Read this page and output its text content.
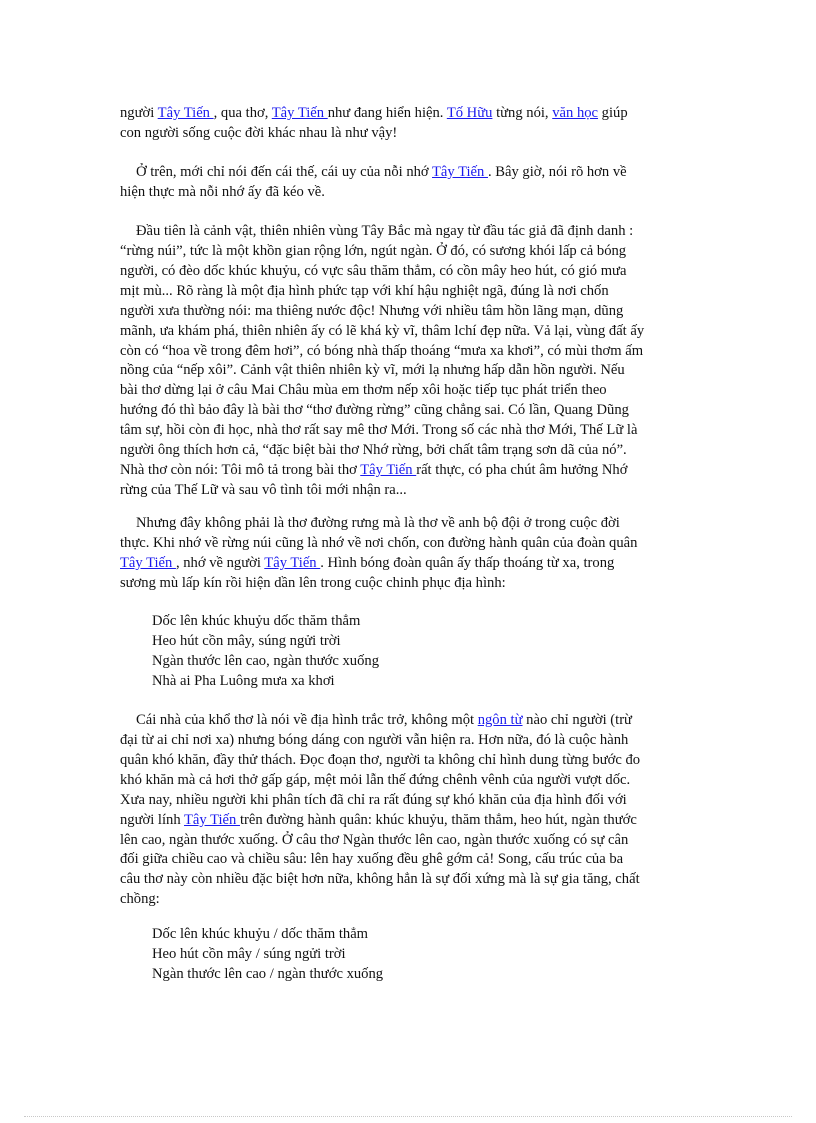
người Tây Tiến , qua thơ, Tây Tiến như đang hiển hiện. Tố Hữu từng nói, văn học giúp
con người sống cuộc đời khác nhau là như vậy!
Ở trên, mới chỉ nói đến cái thế, cái uy của nỗi nhớ Tây Tiến . Bây giờ, nói rõ hơn về
hiện thực mà nỗi nhớ ấy đã kéo về.
Đầu tiên là cảnh vật, thiên nhiên vùng Tây Bắc mà ngay từ đầu tác giả đã định danh :
“rừng núi”, tức là một khồn gian rộng lớn, ngút ngàn. Ở đó, có sương khói lấp cả bóng
người, có đèo dốc khúc khuỷu, có vực sâu thăm thẳm, có cồn mây heo hút, có gió mưa
mịt mù... Rõ ràng là một địa hình phức tạp với khí hậu nghiệt ngã, đúng là nơi chốn
người xưa thường nói: ma thiêng nước độc! Nhưng với nhiều tâm hồn lãng mạn, dũng
mãnh, ưa khám phá, thiên nhiên ấy có lẽ khá kỳ vĩ, thâm lchí đẹp nữa. Vả lại, vùng đất ấy
còn có “hoa về trong đêm hơi”, có bóng nhà thấp thoáng “mưa xa khơi”, có mùi thơm ấm
nồng của “nếp xôi”. Cảnh vật thiên nhiên kỳ vĩ, mới lạ nhưng hấp dẫn hồn người. Nếu
bài thơ dừng lại ở câu Mai Châu mùa em thơm nếp xôi hoặc tiếp tục phát triển theo
hướng đó thì bảo đây là bài thơ “thơ đường rừng” cũng chẳng sai. Có lần, Quang Dũng
tâm sự, hồi còn đi học, nhà thơ rất say mê thơ Mới. Trong số các nhà thơ Mới, Thế Lữ là
người ông thích hơn cả, “đặc biệt bài thơ Nhớ rừng, bởi chất tâm trạng sơn dã của nó”.
Nhà thơ còn nói: Tôi mô tả trong bài thơ Tây Tiến rất thực, có pha chút âm hưởng Nhớ
rừng của Thế Lữ và sau vô tình tôi mới nhận ra...
Nhưng đây không phải là thơ đường rưng mà là thơ về anh bộ đội ở trong cuộc đời
thực. Khi nhớ về rừng núi cũng là nhớ về nơi chốn, con đường hành quân của đoàn quân
Tây Tiến , nhớ về người Tây Tiến . Hình bóng đoàn quân ấy thấp thoáng từ xa, trong
sương mù lấp kín rồi hiện dần lên trong cuộc chinh phục địa hình:
Dốc lên khúc khuỷu dốc thăm thẳm
Heo hút cồn mây, súng ngửi trời
Ngàn thước lên cao, ngàn thước xuống
Nhà ai Pha Luông mưa xa khơi
Cái nhà của khổ thơ là nói về địa hình trắc trở, không một ngôn từ nào chỉ người (trừ
đại từ ai chỉ nơi xa) nhưng bóng dáng con người vẫn hiện ra. Hơn nữa, đó là cuộc hành
quân khó khăn, đầy thử thách. Đọc đoạn thơ, người ta không chỉ hình dung từng bước đo
khó khăn mà cả hơi thở gấp gáp, mệt mỏi lẫn thế đứng chênh vênh của người vượt dốc.
Xưa nay, nhiều người khi phân tích đã chỉ ra rất đúng sự khó khăn của địa hình đối với
người lính Tây Tiến trên đường hành quân: khúc khuỷu, thăm thẳm, heo hút, ngàn thước
lên cao, ngàn thước xuống. Ở câu thơ Ngàn thước lên cao, ngàn thước xuống có sự cân
đối giữa chiều cao và chiều sâu: lên hay xuống đều ghê gớm cả! Song, cấu trúc của ba
câu thơ này còn nhiều đặc biệt hơn nữa, không hẳn là sự đối xứng mà là sự gia tăng, chất
chồng:
Dốc lên khúc khuỷu / dốc thăm thẳm
Heo hút cồn mây / súng ngửi trời
Ngàn thước lên cao / ngàn thước xuống
